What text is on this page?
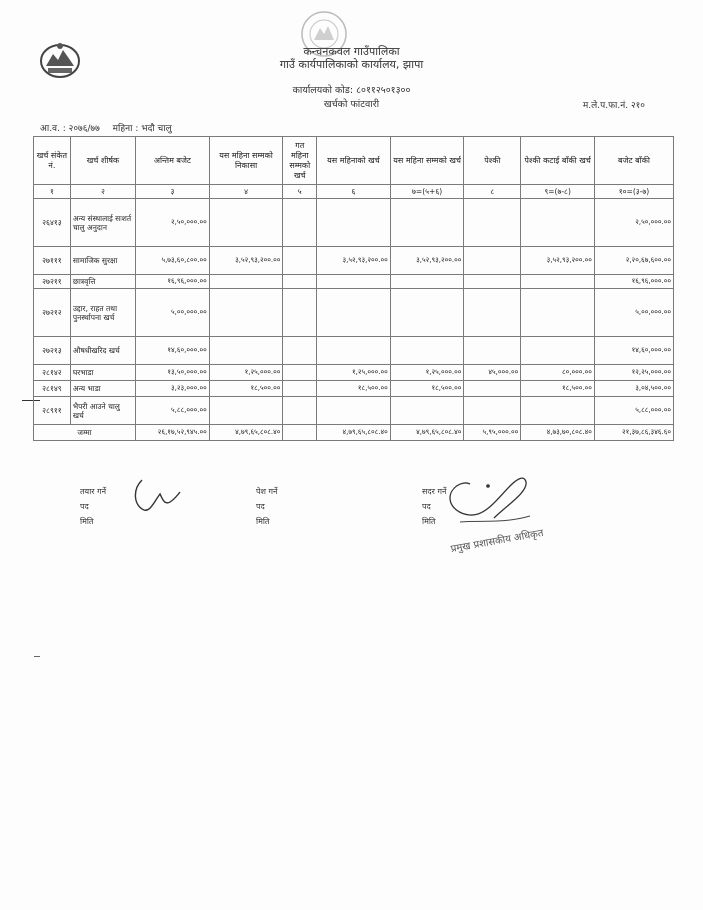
कन्चनकवल गाउँपालिका
गाउँ कार्यपालिकाको कार्यालय, झापा
कार्यालयको कोड: ८०११२५०१३००
खर्चको फांटवारी	म.ले.प.फा.नं. २१०
आ.व. : २०७६/७७ महिना : भदौ चालु
खर्च संकेत नं.	खर्च शीर्षक	अन्तिम बजेट	यस महिना सम्मको निकासा	गत महिना सम्मको खर्च	यस महिनाको खर्च	यस महिना सम्मको खर्च	पेश्की	पेश्की कटाई बाँकी खर्च	बजेट बाँकी
१	२	३	४	५	६	७=(५+६)	८	९=(७-८)	१०=(३-७)
२६४१३	अन्य संस्थालाई सःशर्त चालु अनुदान	२,५०,०००.००							२,५०,०००.००
२७१११	सामाजिक सुरक्षा	५,७३,६०,८००.००	३,५२,९३,२००.००		३,५२,९३,२००.००	३,५२,९३,२००.००		३,५२,९३,२००.००	२,२०,६७,६००.००
२७२११	छात्रवृत्ति	१६,९६,०००.००							१६,९६,०००.००
२७२१२	उद्दार, राहत तथा पुनर्स्थापना खर्च	५,००,०००.००							५,००,०००.००
२७२१३	औषधीखरिद खर्च	१४,६०,०००.००							१४,६०,०००.००
२८१४२	घरभाडा	१३,५०,०००.००	१,२५,०००.००		१,२५,०००.००	१,२५,०००.००	४५,०००.००	८०,०००.००	१२,२५,०००.००
२८१४९	अन्य भाडा	३,२३,०००.००	१८,५००.००		१८,५००.००	१८,५००.००		१८,५००.००	३,०४,५००.००
२८९११	भैपरी आउने चालु खर्च	५,८८,०००.००							५,८८,०००.००
जम्मा		२६,१७,५२,९४५.००	४,७९,६५,८०८.४०		४,७९,६५,८०८.४०	४,७९,६५,८०८.४०	५,९५,०००.००	४,७३,७०,८०८.४०	२१,३७,८६,३४६.६०
तयार गर्ने
पद
मिति
पेश गर्ने
पद
मिति
सदर गर्ने
पद
मिति
प्रमुख प्रशासकीय अधिकृत
